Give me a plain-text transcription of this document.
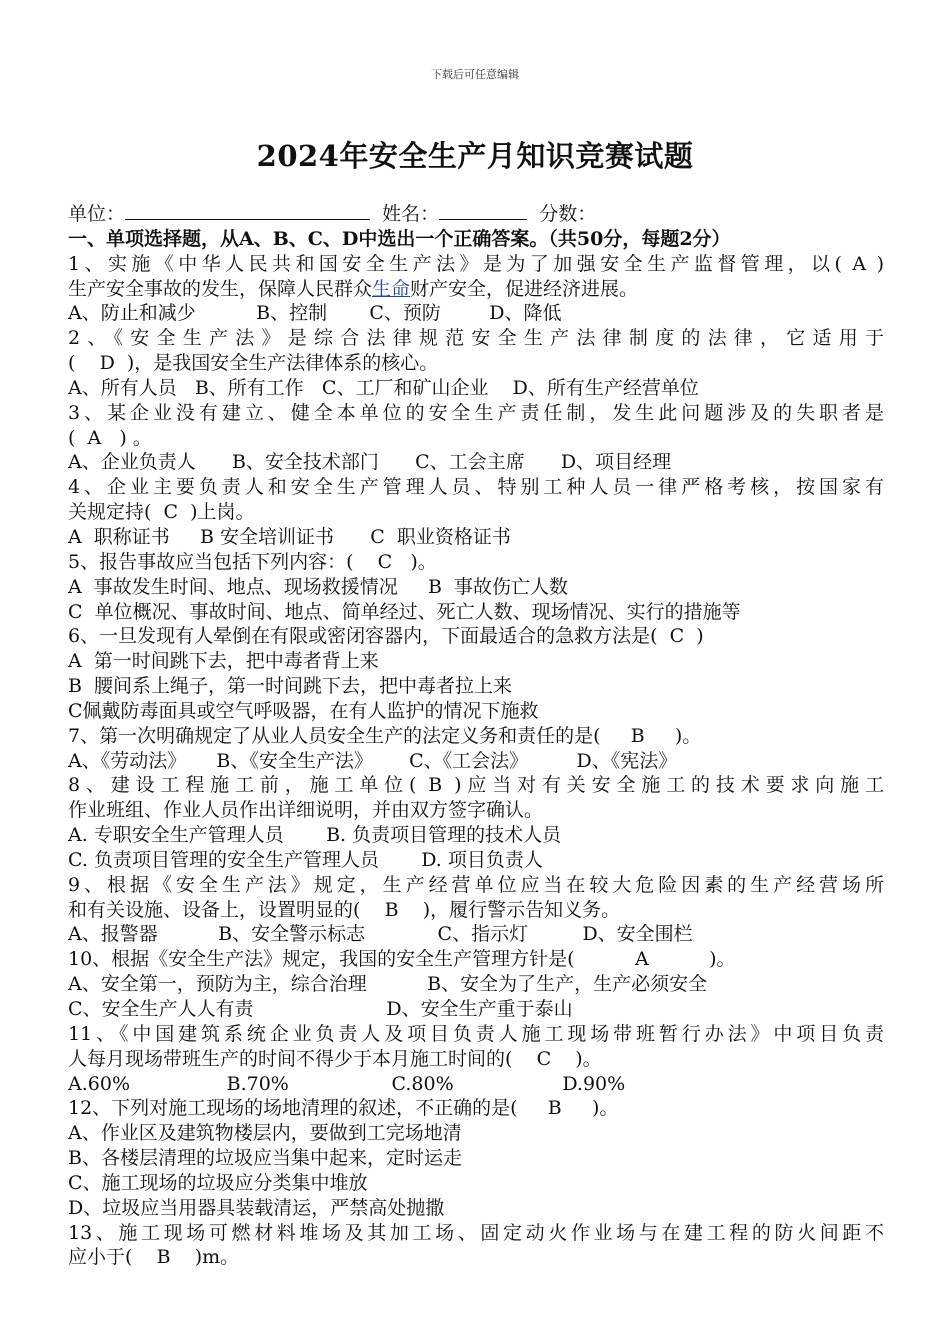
下载后可任意编辑
2024年安全生产月知识竞赛试题
单位：	姓名：	分数：
一、单项选择题，从A、B、C、D中选出一个正确答案。（共50分，每题2分）
1、实施《中华人民共和国安全生产法》是为了加强安全生产监督管理，以( A )
生产安全事故的发生，保障人民群众生命财产安全，促进经济进展。
A、防止和减少          B、控制       C、预防        D、降低
2、《安全生产法》是综合法律规范安全生产法律制度的法律，它适用于
(    D  )，是我国安全生产法律体系的核心。
A、所有人员   B、所有工作   C、工厂和矿山企业    D、所有生产经营单位
3、某企业没有建立、健全本单位的安全生产责任制，发生此问题涉及的失职者是
(  A   ) 。
A、企业负责人      B、安全技术部门      C、工会主席      D、项目经理
4、企业主要负责人和安全生产管理人员、特别工种人员一律严格考核，按国家有
关规定持(  C  )上岗。
A  职称证书     B 安全培训证书      C  职业资格证书
5、报告事故应当包括下列内容：(    C   )。
A  事故发生时间、地点、现场救援情况     B  事故伤亡人数
C  单位概况、事故时间、地点、简单经过、死亡人数、现场情况、实行的措施等
6、一旦发现有人晕倒在有限或密闭容器内，下面最适合的急救方法是(  C  )
A  第一时间跳下去，把中毒者背上来
B  腰间系上绳子，第一时间跳下去，把中毒者拉上来
C佩戴防毒面具或空气呼吸器，在有人监护的情况下施救
7、第一次明确规定了从业人员安全生产的法定义务和责任的是(     B     )。
A、《劳动法》     B、《安全生产法》      C、《工会法》        D、《宪法》
8、建设工程施工前，施工单位( B )应当对有关安全施工的技术要求向施工
作业班组、作业人员作出详细说明，并由双方签字确认。
A. 专职安全生产管理人员       B. 负责项目管理的技术人员
C. 负责项目管理的安全生产管理人员       D. 项目负责人
9、根据《安全生产法》规定，生产经营单位应当在较大危险因素的生产经营场所
和有关设施、设备上，设置明显的(    B    )，履行警示告知义务。
A、报警器          B、安全警示标志            C、指示灯         D、安全围栏
10、根据《安全生产法》规定，我国的安全生产管理方针是(          A          )。
A、安全第一，预防为主，综合治理          B、安全为了生产，生产必须安全
C、安全生产人人有责                      D、安全生产重于泰山
11、《中国建筑系统企业负责人及项目负责人施工现场带班暂行办法》中项目负责
人每月现场带班生产的时间不得少于本月施工时间的(    C    )。
A.60%                B.70%                 C.80%                  D.90%
12、下列对施工现场的场地清理的叙述，不正确的是(     B     )。
A、作业区及建筑物楼层内，要做到工完场地清
B、各楼层清理的垃圾应当集中起来，定时运走
C、施工现场的垃圾应分类集中堆放
D、垃圾应当用器具装载清运，严禁高处抛撒
13、施工现场可燃材料堆场及其加工场、固定动火作业场与在建工程的防火间距不
应小于(    B    )m。
